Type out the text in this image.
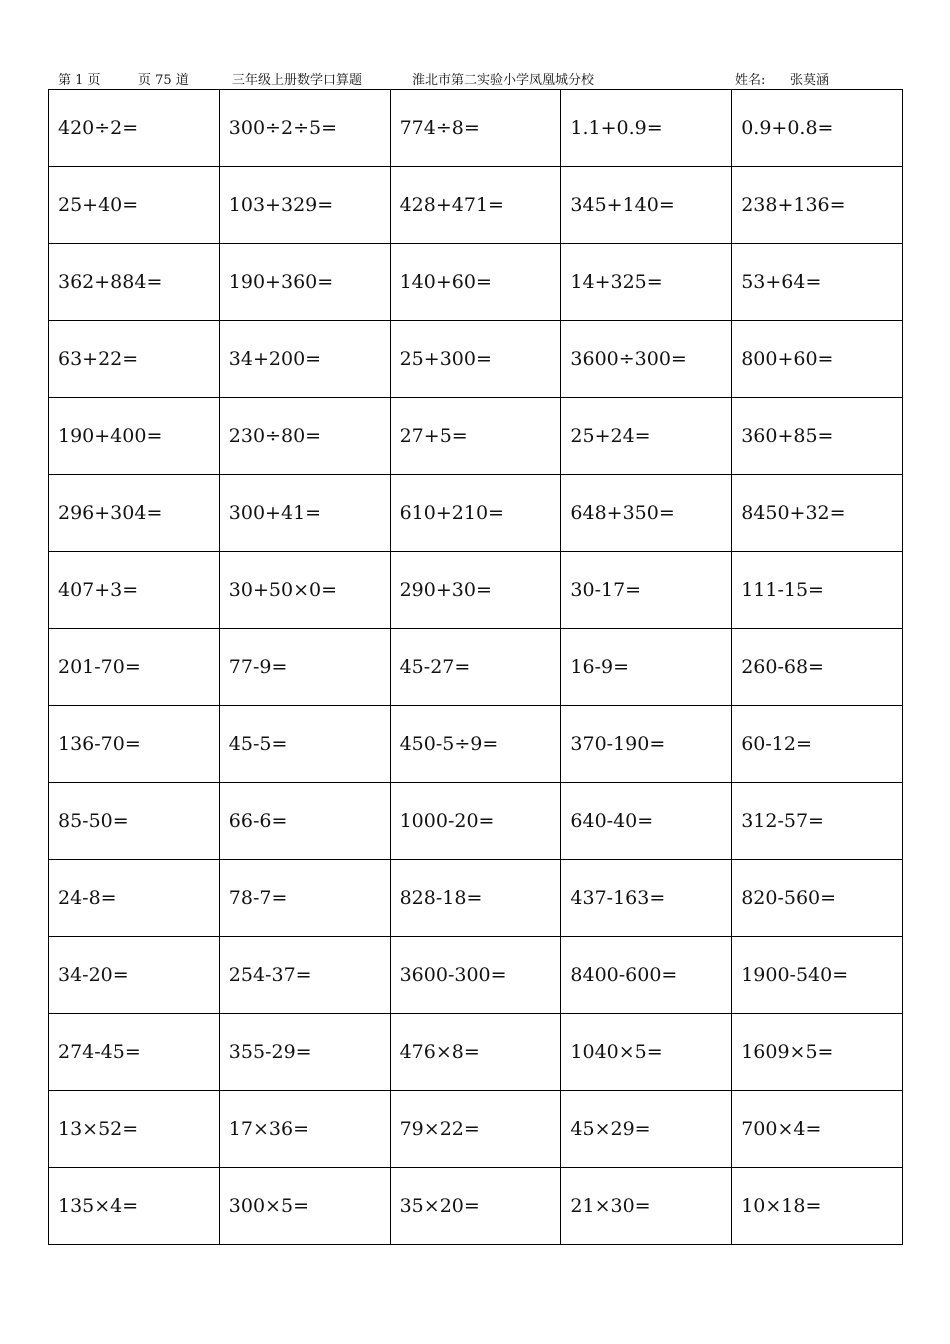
第 1 页	页 75 道	三年级上册数学口算题	淮北市第二实验小学凤凰城分校	姓名: 张莫涵
420÷2=	300÷2÷5=	774÷8=	1.1+0.9=	0.9+0.8=
25+40=	103+329=	428+471=	345+140=	238+136=
362+884=	190+360=	140+60=	14+325=	53+64=
63+22=	34+200=	25+300=	3600÷300=	800+60=
190+400=	230÷80=	27+5=	25+24=	360+85=
296+304=	300+41=	610+210=	648+350=	8450+32=
407+3=	30+50×0=	290+30=	30-17=	111-15=
201-70=	77-9=	45-27=	16-9=	260-68=
136-70=	45-5=	450-5÷9=	370-190=	60-12=
85-50=	66-6=	1000-20=	640-40=	312-57=
24-8=	78-7=	828-18=	437-163=	820-560=
34-20=	254-37=	3600-300=	8400-600=	1900-540=
274-45=	355-29=	476×8=	1040×5=	1609×5=
13×52=	17×36=	79×22=	45×29=	700×4=
135×4=	300×5=	35×20=	21×30=	10×18=
